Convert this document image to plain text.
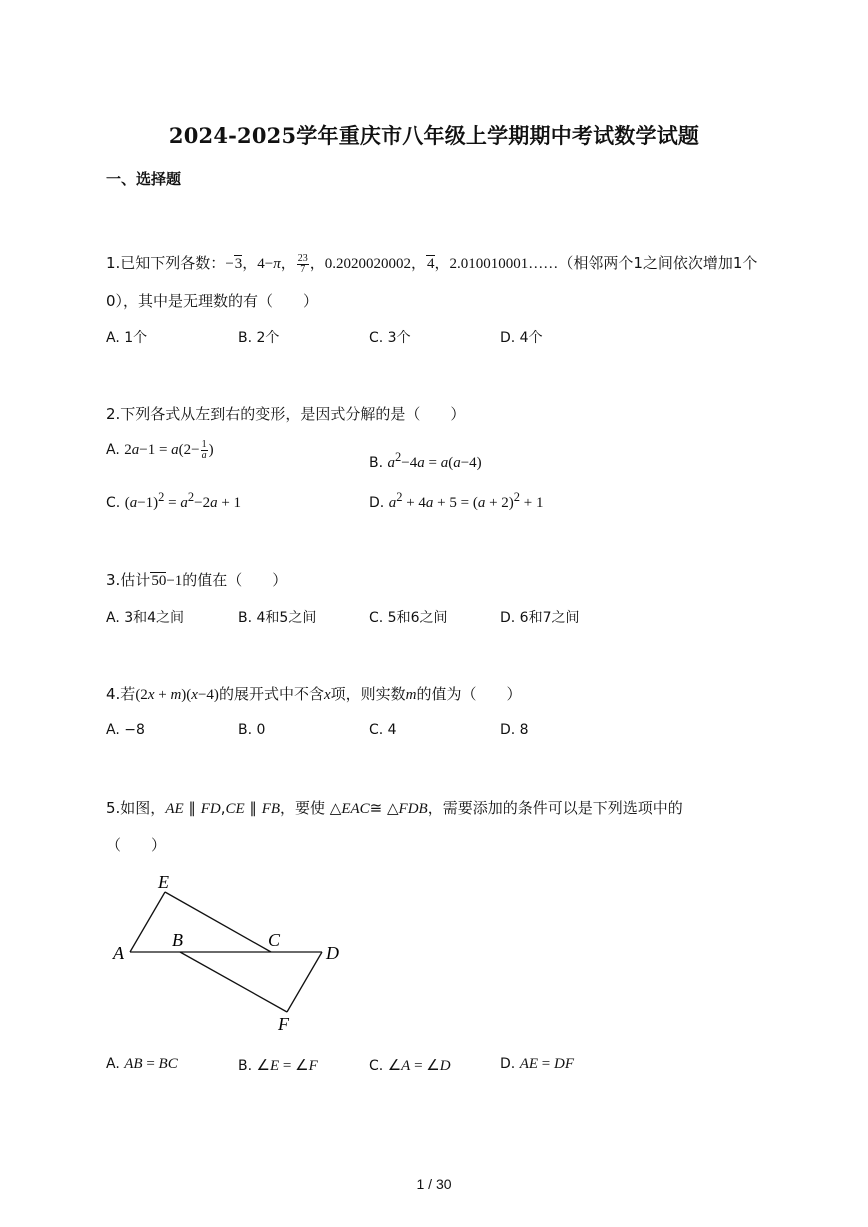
2024-2025学年重庆市八年级上学期期中考试数学试题
一、选择题
1.已知下列各数：−3，4−π， $\frac{23}{7}$ ，0.2020020002，4，2.010010001……（相邻两个1之间依次增加1个
0），其中是无理数的有（　　）
A. 1个	B. 2个	C. 3个	D. 4个
2.下列各式从左到右的变形，是因式分解的是（　　）
A. $2a-1 = a(2- \frac{1}{a}$ )
B. $a^2-4a = a(a-4)$
C. $(a-1)^2 = a^2-2a + 1$	D. $a^2 + 4a + 5 = (a + 2)^2 + 1$
3.估计50−1的值在（　　）
A. 3和4之间	B. 4和5之间	C. 5和6之间	D. 6和7之间
4.若(2x + m)(x−4)的展开式中不含x项，则实数m的值为（　　）
A. −8	B. 0	C. 4	D. 8
5.如图，AE ∥ FD,CE ∥ FB，要使 △EAC≅ △FDB，需要添加的条件可以是下列选项中的
（　　）
E
A
B	C
D
F
A. AB = BC	B. ∠E = ∠F	C. ∠A = ∠D	D. AE = DF
1 / 30
